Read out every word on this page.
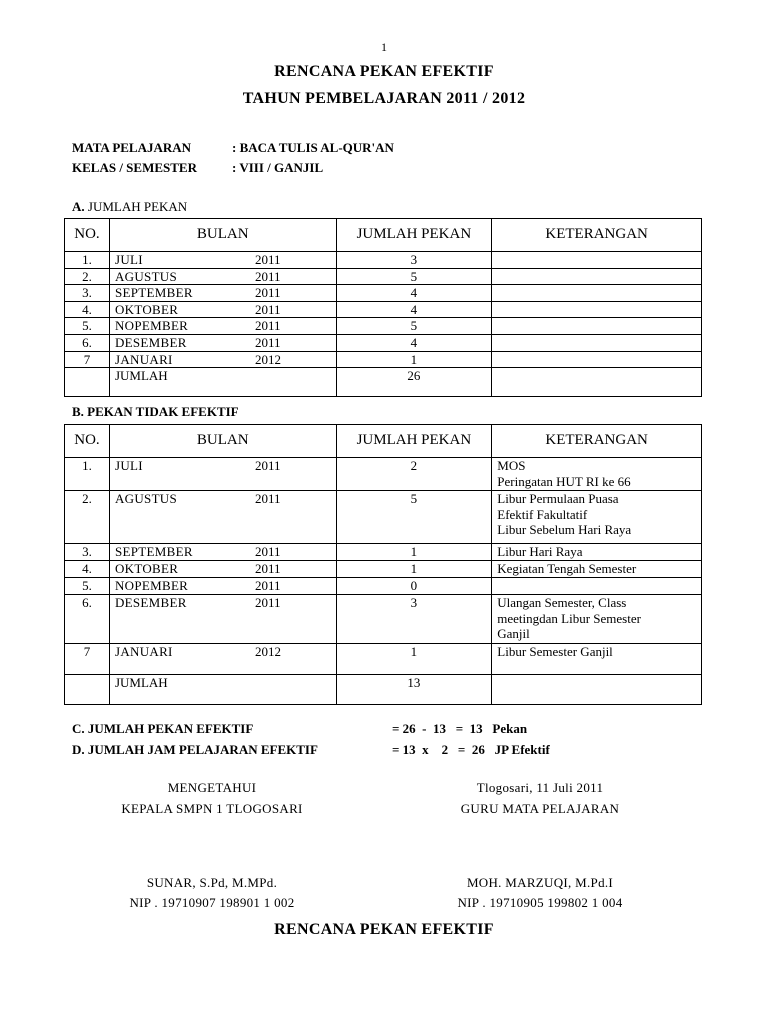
1
RENCANA PEKAN EFEKTIF
TAHUN PEMBELAJARAN 2011 / 2012
MATA PELAJARAN	: BACA TULIS AL-QUR'AN
KELAS / SEMESTER	: VIII / GANJIL
A. JUMLAH PEKAN
NO.	BULAN	JUMLAH PEKAN	KETERANGAN
1.	JULI 2011	3	
2.	AGUSTUS 2011	5	
3.	SEPTEMBER 2011	4	
4.	OKTOBER 2011	4	
5.	NOPEMBER 2011	5	
6.	DESEMBER 2011	4	
7	JANUARI 2012	1	
	JUMLAH	26	
B. PEKAN TIDAK EFEKTIF
NO.	BULAN	JUMLAH PEKAN	KETERANGAN
1.	JULI 2011	2	MOS
Peringatan HUT RI ke 66

2.	AGUSTUS 2011	5	Libur Permulaan Puasa
Efektif Fakultatif
Libur Sebelum Hari Raya

3.	SEPTEMBER 2011	1	Libur Hari Raya

4.	OKTOBER 2011	1	Kegiatan Tengah Semester

5.	NOPEMBER 2011	0	
6.	DESEMBER 2011	3	Ulangan Semester, Class
meetingdan Libur Semester
Ganjil

7	JANUARI 2012	1	Libur Semester Ganjil

	JUMLAH	13	
C. JUMLAH PEKAN EFEKTIF	= 26  -  13   =  13   Pekan
D. JUMLAH JAM PELAJARAN EFEKTIF	= 13  x    2   =  26   JP Efektif
MENGETAHUI
KEPALA SMPN 1 TLOGOSARI
SUNAR, S.Pd, M.MPd.
NIP . 19710907 198901 1 002
Tlogosari, 11 Juli 2011
GURU MATA PELAJARAN
MOH. MARZUQI, M.Pd.I
NIP . 19710905 199802 1 004
RENCANA PEKAN EFEKTIF
